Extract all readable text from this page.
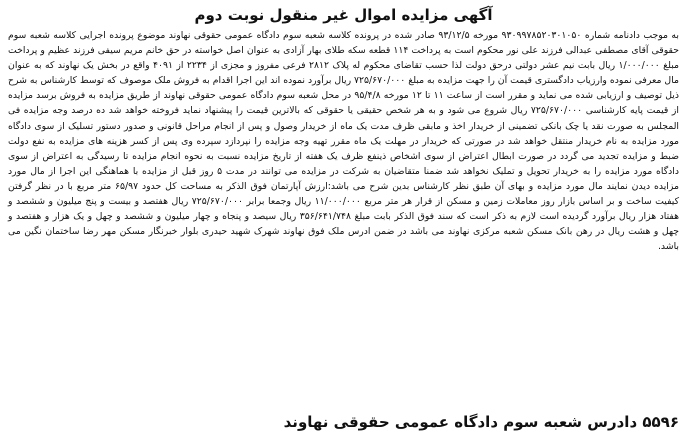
آگهی مزایده اموال غیر منقول نوبت دوم

به موجب دادنامه شماره ۹۳۰۹۹۷۸۵۲۰۳۰۱۰۵۰ مورخه ۹۳/۱۲/۵ صادر شده در پرونده کلاسه شعبه سوم دادگاه عمومی حقوقی نهاوند موضوع پرونده اجرایی کلاسه شعبه سوم حقوقی آقای مصطفی عبدالی فرزند علی نور محکوم است به پرداخت ۱۱۴ قطعه سکه طلای بهار آزادی به عنوان اصل خواسته در حق خانم مریم سیفی فرزند عظیم و پرداخت مبلغ ۱/۰۰۰/۰۰۰ ریال بابت نیم عشر دولتی درحق دولت لذا حسب تقاضای محکوم له پلاک ۲۸۱۲ فرعی مفروز و مجزی از ۲۲۳۴ از ۴۰۹۱ واقع در بخش یک نهاوند که به عنوان مال معرفی نموده وارزیاب دادگستری قیمت آن را جهت مزایده به مبلغ ۷۲۵/۶۷۰/۰۰۰ ریال برآورد نموده اند این اجرا اقدام به فروش ملک موصوف که توسط کارشناس به شرح ذیل توصیف و ارزیابی شده می نماید و مقرر است از ساعت ۱۱ تا ۱۲ مورخه ۹۵/۴/۸ در محل شعبه سوم دادگاه عمومی حقوقی نهاوند از طریق مزایده به فروش برسد مزایده از قیمت پایه کارشناسی ۷۲۵/۶۷۰/۰۰۰ ریال شروع می شود و به هر شخص حقیقی یا حقوقی که بالاترین قیمت را پیشنهاد نماید فروخته خواهد شد ده درصد وجه مزایده فی المجلس به صورت نقد یا چک بانکی تضمینی از خریدار اخذ و مابقی ظرف مدت یک ماه از خریدار وصول و پس از انجام مراحل قانونی و صدور دستور تسلیک از سوی دادگاه مورد مزایده به نام خریدار منتقل خواهد شد در صورتی که خریدار در مهلت یک ماه مقرر تهیه وجه مزایده را نپردازد سپرده وی پس از کسر هزینه های مزایده به نفع دولت ضبط و مزایده تجدید می گردد در صورت ابطال اعتراض از سوی اشخاص ذینفع ظرف یک هفته از تاریخ مزایده نسبت به نحوه انجام مزایده تا رسیدگی به اعتراض از سوی دادگاه مورد مزایده را به خریدار تحویل و تملیک نخواهد شد ضمنا متقاضیان به شرکت در مزایده می توانند در مدت ۵ روز قبل از مزایده با هماهنگی این اجرا از مال مورد مزایده دیدن نمایند مال مورد مزایده و بهای آن طبق نظر کارشناس بدین شرح می باشد:ارزش آپارتمان فوق الذکر به مساحت کل حدود ۶۵/۹۷ متر مربع با در نظر گرفتن کیفیت ساخت و بر اساس بازار روز معاملات زمین و مسکن از قرار هر متر مربع ۱۱/۰۰۰/۰۰۰ ریال وجمعا برابر ۷۲۵/۶۷۰/۰۰۰ ریال هفتصد و بیست و پنج میلیون و ششصد و هفتاد هزار ریال برآورد گردیده است لازم به ذکر است که سند فوق الذکر بابت مبلغ ۳۵۶/۶۴۱/۷۴۸ ریال سیصد و پنجاه و چهار میلیون و ششصد و چهل و یک هزار و هفتصد و چهل و هشت ریال در رهن بانک مسکن شعبه مرکزی نهاوند می باشد در ضمن ادرس ملک فوق نهاوند شهرک شهید حیدری بلوار خبرنگار مسکن مهر رضا ساختمان نگین می باشد.

۵۵۹۶ دادرس شعبه سوم دادگاه عمومی حقوقی نهاوند
